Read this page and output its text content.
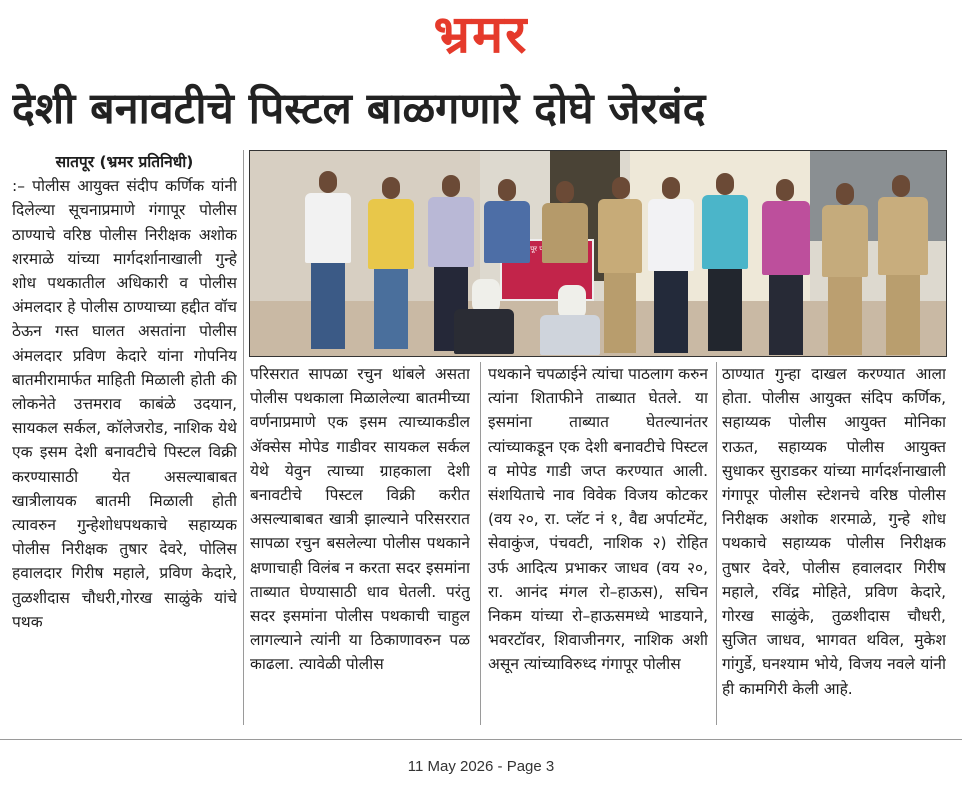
भ्रमर
देशी बनावटीचे पिस्टल बाळगणारे दोघे जेरबंद
सातपूर (भ्रमर प्रतिनिधी)

:– पोलीस आयुक्त संदीप कर्णिक यांनी दिलेल्या सूचनाप्रमाणे गंगापूर पोलीस ठाण्याचे वरिष्ठ पोलीस निरीक्षक अशोक शरमाळे यांच्या मार्गदर्शानाखाली गुन्हे शोध पथकातील अधिकारी व पोलीस अंमलदार हे पोलीस ठाण्याच्या हद्दीत वॉच ठेऊन गस्त घालत असतांना पोलीस अंमलदार प्रविण केदारे यांना गोपनिय बातमीरामार्फत माहिती मिळाली होती की लोकनेते उत्तमराव काबंळे उदयान, सायकल सर्कल, कॉलेजरोड, नाशिक येथे एक इसम देशी बनावटीचे पिस्टल विक्री करण्यासाठी येत असल्याबाबत खात्रीलायक बातमी मिळाली होती त्यावरुन गुन्हेशोधपथकाचे सहाय्यक पोलीस निरीक्षक तुषार देवरे, पोलिस हवालदार गिरीष महाले, प्रविण केदारे, तुळशीदास चौधरी,गोरख साळुंके यांचे पथक

परिसरात सापळा रचुन थांबले असता पोलीस पथकाला मिळालेल्या बातमीच्या वर्णनाप्रमाणे एक इसम त्याच्याकडील ॲक्सेस मोपेड गाडीवर सायकल सर्कल येथे येवुन त्याच्या ग्राहकाला देशी बनावटीचे पिस्टल विक्री करीत असल्याबाबत खात्री झाल्याने परिसररात सापळा रचुन बसलेल्या पोलीस पथकाने क्षणाचाही विलंब न करता सदर इसमांना ताब्यात घेण्यासाठी धाव घेतली. परंतु सदर इसमांना पोलीस पथकाची चाहुल लागल्याने त्यांनी या ठिकाणावरुन पळ काढला. त्यावेळी पोलीस

पथकाने चपळाईने त्यांचा पाठलाग करुन त्यांना शिताफीने ताब्यात घेतले. या इसमांना ताब्यात घेतल्यानंतर त्यांच्याकडून एक देशी बनावटीचे पिस्टल व मोपेड गाडी जप्त करण्यात आली. संशयिताचे नाव विवेक विजय कोटकर (वय २०, रा. प्लॅट नं १, वैद्य अर्पाटमेंट, सेवाकुंज, पंचवटी, नाशिक २) रोहित उर्फ आदित्य प्रभाकर जाधव (वय २०, रा. आनंद मंगल रो–हाऊस), सचिन निकम यांच्या रो–हाऊसमध्ये भाडयाने, भवरटॉवर, शिवाजीनगर, नाशिक अशी असून त्यांच्याविरुध्द गंगापूर पोलीस

ठाण्यात गुन्हा दाखल करण्यात आला होता. पोलीस आयुक्त संदिप कर्णिक, सहाय्यक पोलीस आयुक्त मोनिका राऊत, सहाय्यक पोलीस आयुक्त सुधाकर सुराडकर यांच्या मार्गदर्शनाखाली गंगापूर पोलीस स्टेशनचे वरिष्ठ पोलीस निरीक्षक अशोक शरमाळे, गुन्हे शोध पथकाचे सहाय्यक पोलीस निरीक्षक तुषार देवरे, पोलीस हवालदार गिरीष महाले, रविंद्र मोहिते, प्रविण केदारे, गोरख साळुंके, तुळशीदास चौधरी, सुजित जाधव, भागवत थविल, मुकेश गांगुर्डे, घनश्याम भोये, विजय नवले यांनी ही कामगिरी केली आहे.

11 May 2026 - Page 3
